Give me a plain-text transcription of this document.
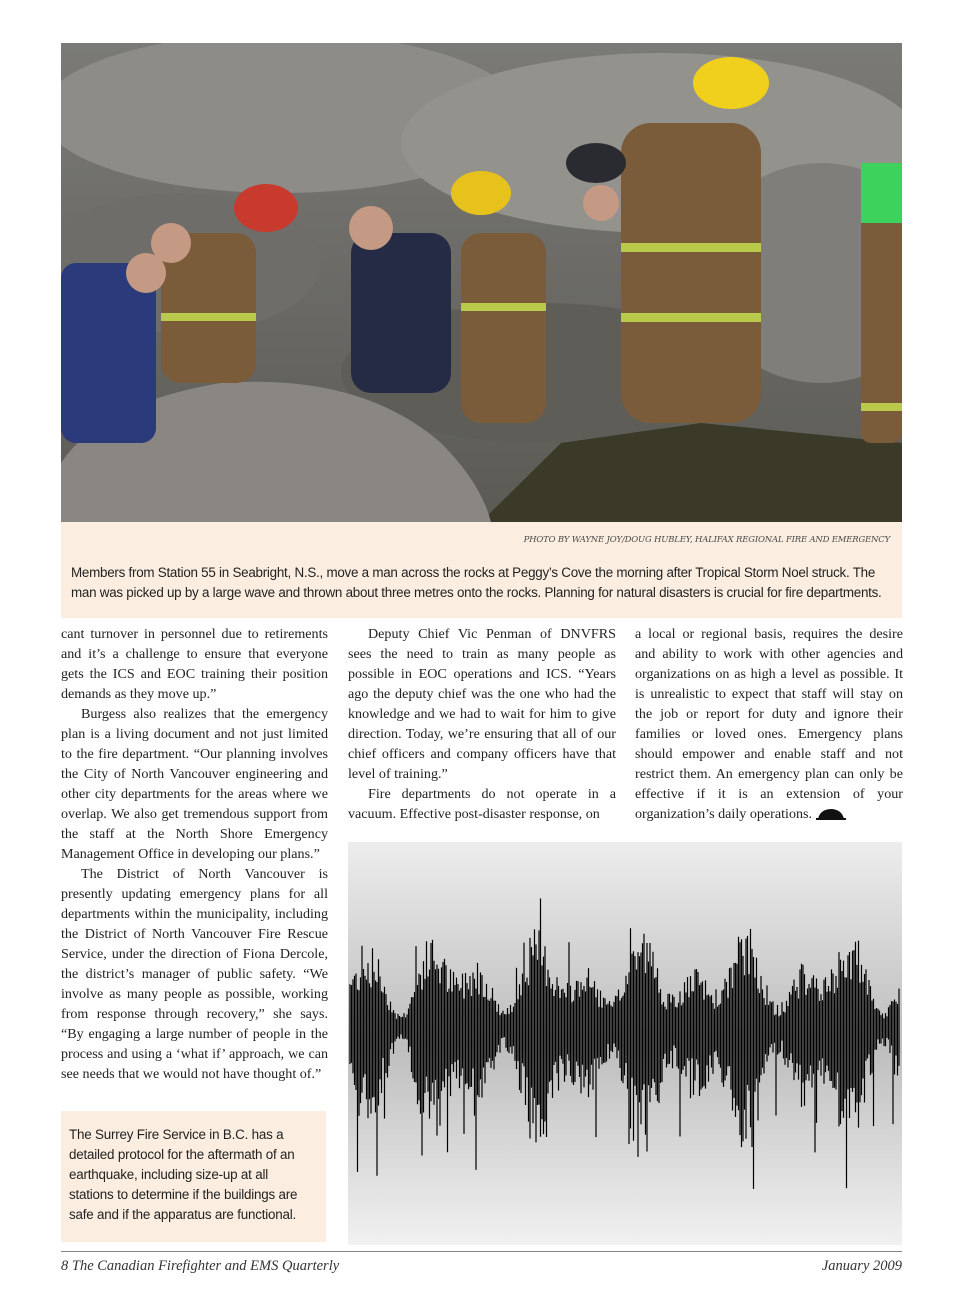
PHOTO BY WAYNE JOY/DOUG HUBLEY, HALIFAX REGIONAL FIRE AND EMERGENCY
Members from Station 55 in Seabright, N.S., move a man across the rocks at Peggy’s Cove the morning after Tropical Storm Noel struck. The man was picked up by a large wave and thrown about three metres onto the rocks. Planning for natural disasters is crucial for fire departments.

cant turnover in personnel due to retirements and it’s a challenge to ensure that everyone gets the ICS and EOC training their position demands as they move up.”

Burgess also realizes that the emergency plan is a living document and not just limited to the fire department. “Our planning involves the City of North Vancouver engineering and other city departments for the areas where we overlap. We also get tremendous support from the staff at the North Shore Emergency Management Office in developing our plans.”

The District of North Vancouver is presently updating emergency plans for all departments within the municipality, including the District of North Vancouver Fire Rescue Service, under the direction of Fiona Dercole, the district’s manager of public safety. “We involve as many people as possible, working from response through recovery,” she says. “By engaging a large number of people in the process and using a ‘what if’ approach, we can see needs that we would not have thought of.”

Deputy Chief Vic Penman of DNVFRS sees the need to train as many people as possible in EOC operations and ICS. “Years ago the deputy chief was the one who had the knowledge and we had to wait for him to give direction. Today, we’re ensuring that all of our chief officers and company officers have that level of training.”

Fire departments do not operate in a vacuum. Effective post-disaster response, on

a local or regional basis, requires the desire and ability to work with other agencies and organizations on as high a level as possible. It is unrealistic to expect that staff will stay on the job or report for duty and ignore their families or loved ones. Emergency plans should empower and enable staff and not restrict them. An emergency plan can only be effective if it is an extension of your organization’s daily operations.

The Surrey Fire Service in B.C. has a detailed protocol for the aftermath of an earthquake, including size-up at all stations to determine if the buildings are safe and if the apparatus are functional.
8 The Canadian Firefighter and EMS Quarterly	January 2009
